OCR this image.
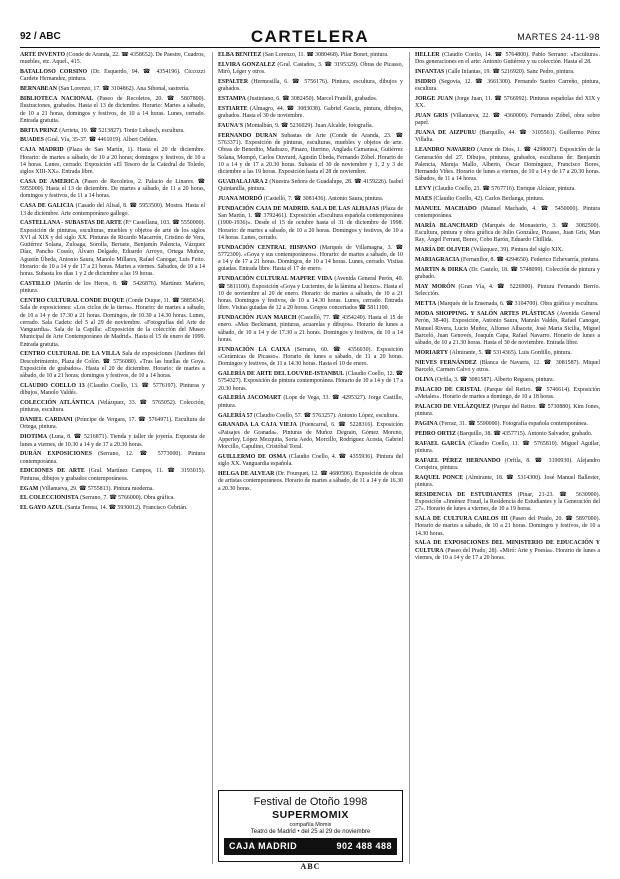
92 / ABC	CARTELERA	MARTES 24-11-98

ARTE INVENTO (Conde de Aranda, 22. ☎ 4358652). De Paestre, Cuadros, muebles, etc. Aquel., 415.

BATALLOSO CORSINO (Dr. Esquerdo, 94. ☎ 4354196). Ciccozzi Cardete Hernandez, pintura.

BERNABEAN (San Lorenzo, 17. ☎ 3104862). Ana Sibonal, sastrería.

BIBLIOTECA NACIONAL (Paseo de Recoletos, 20. ☎ 5807800). Ilustraciones, grabados. Hasta el 13 de diciembre. Horario: Martes a sábado, de 10 a 21 horas, domingos y festivos, de 10 a 14 horas. Lunes, cerrado. Entrada gratuita.

BRITA PRINZ (Arrieta, 19. ☎ 5213827). Tonio Lubasch, escultura.

BUADES (Gral. Vía, 35-37. ☎ 4461019). Albert Oehlen.

CAJA MADRID (Plaza de San Martín, 1). Hasta el 20 de diciembre. Horario: de martes a sábado, de 10 a 20 horas; domingos y festivos, de 10 a 14 horas. Lunes, cerrado. Exposición «El Tesoro de la Catedral de Toledo, siglos XIII-XX». Entrada libre.

CASA DE AMERICA (Paseo de Recoletos, 2. Palacio de Linares. ☎ 5955000). Hasta el 13 de diciembre. De martes a sábado, de 11 a 20 horas, domingos y festivos, de 11 a 14 horas.

CASA DE GALICIA (Casado del Alisal, 8. ☎ 5953500). Mostra. Hasta el 13 de diciembre. Arte contemporáneo gallego.

CASTELLANA - SUBASTAS DE ARTE (P.º Castellana, 103. ☎ 5550000). Exposición de pinturas, esculturas, muebles y objetos de arte de los siglos XVI al XIX y del siglo XX. Pinturas de Ricardo Macarrón, Cristino de Vera, Gutiérrez Solana, Zuloaga, Sorolla, Beruete, Benjamín Palencia, Vázquez Díaz, Pancho Cossío, Álvaro Delgado, Eduardo Arroyo, Ortega Muñoz, Agustín Úbeda, Antonio Saura, Manolo Millares, Rafael Canogar, Luis Feito. Horario: de 10 a 14 y de 17 a 21 horas. Martes a viernes. Sábados, de 10 a 14 horas. Subasta los días 1 y 2 de diciembre a las 19 horas.

CASTILLO (Martín de los Heros, 8. ☎ 5426876). Martínez Mañero, pintura.

CENTRO CULTURAL CONDE DUQUE (Conde Duque, 11. ☎ 5885834). Sala de exposiciones: «Los ciclos de la tierra». Horario: de martes a sábado, de 10 a 14 y de 17.30 a 21 horas. Domingos, de 10.30 a 14.30 horas. Lunes, cerrado. Sala Cadets: del 5 al 29 de noviembre. «Fotografías del Arte de Vanguardia». Sala de la Capilla: «Exposición de la colección del Museo Municipal de Arte Contemporáneo de Madrid». Hasta el 15 de enero de 1999. Entrada gratuita.

CENTRO CULTURAL DE LA VILLA Sala de exposiciones (Jardines del Descubrimiento, Plaza de Colón. ☎ 5756080). «Tras las huellas de Goya. Exposición de grabados». Hasta el 20 de diciembre. Horario: de martes a sábado, de 10 a 21 horas; domingos y festivos, de 10 a 14 horas.

CLAUDIO COELLO 13 (Claudio Coello, 13. ☎ 5776197). Pinturas y dibujos, Manolo Valdés.

COLECCIÓN ATLÁNTICA (Velázquez, 33. ☎ 5765052). Colección, pinturas, escultura.

DANIEL CARDANI (Príncipe de Vergara, 17. ☎ 5764971). Escultura de Ortega, pintura.

DIOTIMA (Luna, 8. ☎ 5216871). Tienda y taller de joyería. Expuesta de lunes a viernes, de 10.30 a 14 y de 17 a 20.30 horas.

DURÁN EXPOSICIONES (Serrano, 12. ☎ 5773000). Pintura contemporánea.

EDICIONES DE ARTE (Gral. Martínez Campos, 11. ☎ 3193015). Pinturas, dibujos y grabados contemporáneos.

EGAM (Villanueva, 29. ☎ 5755813). Pintura moderna.

EL COLECCIONISTA (Serrano, 7. ☎ 5766000). Obra gráfica.

EL GAYO AZUL (Santa Teresa, 14. ☎ 5930012). Francisco Cebrián.

ELBA BENITEZ (San Lorenzo, 11. ☎ 3080468). Pilar Bonet, pintura.

ELVIRA GONZALEZ (Gral. Castaños, 3. ☎ 3195329). Obras de Picasso, Miró, Léger y otros.

ESPALTER (Hermosilla, 6. ☎ 5756176). Pintura, escultura, dibujos y grabados.

ESTAMPA (Justiniano, 6. ☎ 3082450). Marcel Fratelli, grabados.

ESTIARTE (Almagro, 44. ☎ 3083038). Gabriel Gracia, pintura, dibujos, grabados. Hasta el 30 de noviembre.

FAUNA'S (Montalbán, 9. ☎ 5236029). Juan Alcalde, fotografía.

FERNANDO DURAN Subastas de Arte (Conde de Aranda, 23. ☎ 5763371). Exposición de pinturas, esculturas, muebles y objetos de arte. Obras de Benedito, Madrazo, Pinazo, Iturrino, Anglada Camarasa, Gutiérrez Solana, Mompó, Carlos Ouvrard, Agustín Úbeda, Fernando Zóbel. Horario de 10 a 14 y de 17 a 20.30 horas. Subasta el 30 de noviembre y 1, 2 y 3 de diciembre a las 19 horas. Exposición hasta el 28 de noviembre.

GUADALAJARA 2 (Nuestra Señora de Guadalupe, 28. ☎ 4159226). Isabel Quintanilla, pintura.

JUANA MORDÓ (Castelló, 7. ☎ 3081436). Antonio Saura, pintura.

FUNDACIÓN CAJA DE MADRID. SALA DE LAS ALHAJAS (Plaza de San Martín, 1. ☎ 3792461). Exposición «Escultura española contemporánea (1900-1936)». Desde el 15 de octubre hasta el 31 de diciembre de 1998. Horario: de martes a sábado, de 10 a 20 horas. Domingos y festivos, de 10 a 14 horas. Lunes, cerrado.

FUNDACIÓN CENTRAL HISPANO (Marqués de Villamagna, 3. ☎ 5772300). «Goya y sus contemporáneos». Horario: de martes a sábado, de 10 a 14 y de 17 a 21 horas. Domingos, de 10 a 14 horas. Lunes, cerrado. Visitas guiadas. Entrada libre. Hasta el 17 de enero.

FUNDACIÓN CULTURAL MAPFRE VIDA (Avenida General Perón, 40. ☎ 5811100). Exposición «Goya y Lucientes, de la lámina al lienzo». Hasta el 10 de noviembre al 20 de enero. Horario: de martes a sábado, de 10 a 21 horas. Domingos y festivos, de 10 a 14.30 horas. Lunes, cerrado. Entrada libre. Visitas guiadas de 12 a 20 horas. Grupos concertados ☎ 5811100.

FUNDACIÓN JUAN MARCH (Castelló, 77. ☎ 4354240). Hasta el 15 de enero. «Max Beckmann, pinturas, acuarelas y dibujos». Horario de lunes a sábado, de 10 a 14 y de 17.30 a 21 horas. Domingos y festivos, de 10 a 14 horas.

FUNDACIÓN LA CAIXA (Serrano, 60. ☎ 4356030). Exposición «Cerámicas de Picasso». Horario de lunes a sábado, de 11 a 20 horas. Domingos y festivos, de 11 a 14.30 horas. Hasta el 10 de enero.

GALERÍA DE ARTE DEL LOUVRE-ISTANBUL (Claudio Coello, 12. ☎ 5754327). Exposición de pintura contemporánea. Horario de 10 a 14 y de 17 a 20.30 horas.

GALERÍA JACOMART (Lope de Vega, 33. ☎ 4295327). Jorge Castillo, pintura.

GALERÍA 57 (Claudio Coello, 57. ☎ 5763257). Antonio López, escultura.

GRANADA LA CAJA VIEJA (Fuencarral, 6. ☎ 5228316). Exposición «Paisajes de Granada». Pinturas de Muñoz Degrain, Gómez Moreno, Apperley, López Mezquita, Soria Aedo, Morcillo, Rodríguez Acosta, Gabriel Morcillo, Capulino, Cristóbal Toral.

GUILLERMO DE OSMA (Claudio Coello, 4. ☎ 4355936). Pintura del siglo XX. Vanguardia española.

HELGA DE ALVEAR (Dr. Fourquet, 12. ☎ 4680506). Exposición de obras de artistas contemporáneos. Horario de martes a sábado, de 11 a 14 y de 16.30 a 20.30 horas.

HELLER (Claudio Coello, 14. ☎ 5764800). Pablo Serrano: «Escultura». Dos generaciones en el arte: Antonio Gutiérrez y su colección. Hasta el 28.

INFANTAS (Calle Infantas, 19. ☎ 5216920). Sanz Pedro, pintura.

ISIDRO (Segovia, 12. ☎ 3661300). Fernando Sueiro Carreño, pintura, escultura.

JORGE JUAN (Jorge Juan, 11. ☎ 5766992). Pinturas españolas del XIX y XX.

JUAN GRIS (Villanueva, 22. ☎ 4360000). Fernando Zóbel, obra sobre papel.

JUANA DE AIZPURU (Barquillo, 44. ☎ 3105561). Guillermo Pérez Villalta.

LEANDRO NAVARRO (Amor de Dios, 1. ☎ 4298007). Exposición de la Generación del 27. Dibujos, pinturas, grabados, esculturas de: Benjamín Palencia, Maruja Mallo, Alberto, Óscar Domínguez, Francisco Bores, Hernando Viñes. Horario de lunes a viernes, de 10 a 14 y de 17 a 20.30 horas. Sábados, de 11 a 14 horas.

LEVY (Claudio Coello, 23. ☎ 5767716). Enrique Alcázar, pintura.

MAES (Claudio Coello, 42). Carlos Berlanga, pintura.

MANUEL MACHADO (Manuel Machado, 4. ☎ 5450000). Pintura contemporánea.

MARÍA BLANCHARD (Marqués de Monasterio, 3. ☎ 3082500). Escultura, pintura y obra gráfica de Julio González, Picasso, Juan Gris, Man Ray, Ángel Ferrant, Bores, Cobo Barón, Eduardo Chillida.

MARÍA DE OLIVER (Velázquez, 39). Pintura del siglo XIX.

MARIAGRACIA (Fernanflor, 8. ☎ 4294650). Federico Echevarría, pintura.

MARTIN & DIRKA (Dr. Castelo, 18. ☎ 5748099). Colección de pintura y grabado.

MAY MORÓN (Gran Vía, 4. ☎ 5226900). Pintura Fernando Berrio. Selección.

METTA (Marqués de la Ensenada, 6. ☎ 3104700). Obra gráfica y escultura.

MODA SHOPPING. Y SALÓN ARTES PLÁSTICAS (Avenida General Perón, 38-40). Exposición, Antonio Saura, Manolo Valdés, Rafael Canogar, Manuel Rivera, Lucio Muñoz, Alfonso Albacete, José María Sicilia, Miguel Barceló, Juan Genovés, Joaquín Capa, Rafael Navarro. Horario de lunes a sábado, de 10 a 21.30 horas. Hasta el 30 de noviembre. Entrada libre.

MORIARTY (Almirante, 5. ☎ 5314365). Luis Gordillo, pintura.

NIEVES FERNÁNDEZ (Blanca de Navarra, 12. ☎ 3081587). Miquel Barceló, Carmen Calvo y otros.

OLIVA (Orfila, 3. ☎ 3081587). Alberto Reguera, pintura.

PALACIO DE CRISTAL (Parque del Retiro. ☎ 5746614). Exposición «Metales». Horario de martes a domingo, de 10 a 18 horas.

PALACIO DE VELÁZQUEZ (Parque del Retiro. ☎ 5730880). Kim Jones, pintura.

PAGINA (Ferraz, 31. ☎ 5590000). Fotografía española contemporánea.

PEDRO ORTIZ (Barquillo, 38. ☎ 4357715). Antonio Salvador, grabado.

RAFAEL GARCÍA (Claudio Coello, 11. ☎ 5765810). Miguel Aguilar, pintura.

RAFAEL PÉREZ HERNANDO (Orfila, 8. ☎ 3190930). Alejandro Corujeira, pintura.

RAQUEL PONCE (Almirante, 18. ☎ 5314300). José Manuel Ballester, pintura.

RESIDENCIA DE ESTUDIANTES (Pinar, 21-23. ☎ 5630900). Exposición «Jiménez Fraud, la Residencia de Estudiantes y la Generación del 27». Horario de lunes a viernes, de 10 a 19 horas.

SALA DE CULTURA CARLOS III (Paseo del Prado, 20. ☎ 5897000). Horario de martes a sábado, de 10 a 21 horas. Domingos y festivos, de 10 a 14.30 horas.

SALA DE EXPOSICIONES DEL MINISTERIO DE EDUCACIÓN Y CULTURA (Paseo del Prado, 28). «Miró: Arte y Poesía». Horario de lunes a viernes, de 10 a 14 y de 17 a 20 horas.

Festival de Otoño 1998
SUPERMOMIX
compañía Momix
Teatro de Madrid • del 25 al 29 de noviembre
CAJA MADRID	902 488 488
ABC
